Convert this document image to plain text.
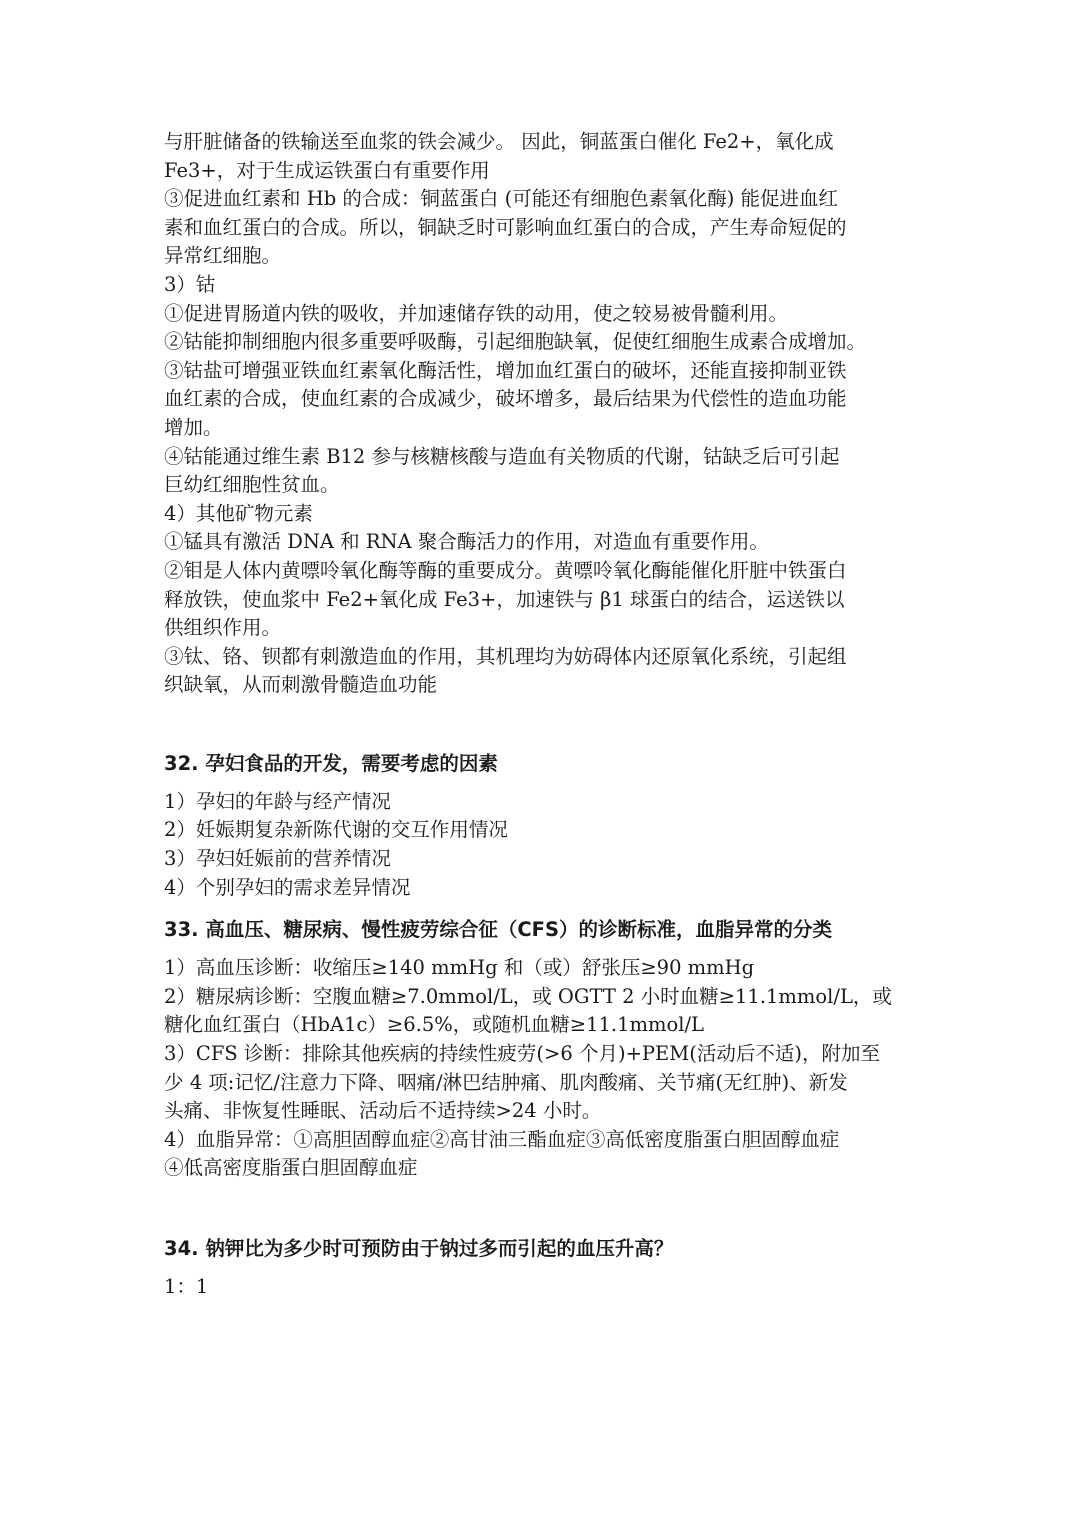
与肝脏储备的铁输送至血浆的铁会减少。 因此，铜蓝蛋白催化 Fe2+，氧化成

Fe3+，对于生成运铁蛋白有重要作用

③促进血红素和 Hb 的合成：铜蓝蛋白 (可能还有细胞色素氧化酶) 能促进血红

素和血红蛋白的合成。所以，铜缺乏时可影响血红蛋白的合成，产生寿命短促的

异常红细胞。

3）钴

①促进胃肠道内铁的吸收，并加速储存铁的动用，使之较易被骨髓利用。

②钴能抑制细胞内很多重要呼吸酶，引起细胞缺氧，促使红细胞生成素合成增加。

③钴盐可增强亚铁血红素氧化酶活性，增加血红蛋白的破坏，还能直接抑制亚铁

血红素的合成，使血红素的合成减少，破坏增多，最后结果为代偿性的造血功能

增加。

④钴能通过维生素 B12 参与核糖核酸与造血有关物质的代谢，钴缺乏后可引起

巨幼红细胞性贫血。

4）其他矿物元素

①锰具有激活 DNA 和 RNA 聚合酶活力的作用，对造血有重要作用。

②钼是人体内黄嘌呤氧化酶等酶的重要成分。黄嘌呤氧化酶能催化肝脏中铁蛋白

释放铁，使血浆中 Fe2+氧化成 Fe3+，加速铁与 β1 球蛋白的结合，运送铁以

供组织作用。

③钛、铬、钡都有刺激造血的作用，其机理均为妨碍体内还原氧化系统，引起组

织缺氧，从而刺激骨髓造血功能

32. 孕妇食品的开发，需要考虑的因素

1）孕妇的年龄与经产情况

2）妊娠期复杂新陈代谢的交互作用情况

3）孕妇妊娠前的营养情况

4）个别孕妇的需求差异情况

33. 高血压、糖尿病、慢性疲劳综合征（CFS）的诊断标准，血脂异常的分类

1）高血压诊断：收缩压≥140 mmHg 和（或）舒张压≥90 mmHg

2）糖尿病诊断：空腹血糖≥7.0mmol/L，或 OGTT 2 小时血糖≥11.1mmol/L，或

糖化血红蛋白（HbA1c）≥6.5%，或随机血糖≥11.1mmol/L

3）CFS 诊断：排除其他疾病的持续性疲劳(>6 个月)+PEM(活动后不适)，附加至

少 4 项:记忆/注意力下降、咽痛/淋巴结肿痛、肌肉酸痛、关节痛(无红肿)、新发

头痛、非恢复性睡眠、活动后不适持续>24 小时。

4）血脂异常：①高胆固醇血症②高甘油三酯血症③高低密度脂蛋白胆固醇血症

④低高密度脂蛋白胆固醇血症

34. 钠钾比为多少时可预防由于钠过多而引起的血压升高？

1：1
